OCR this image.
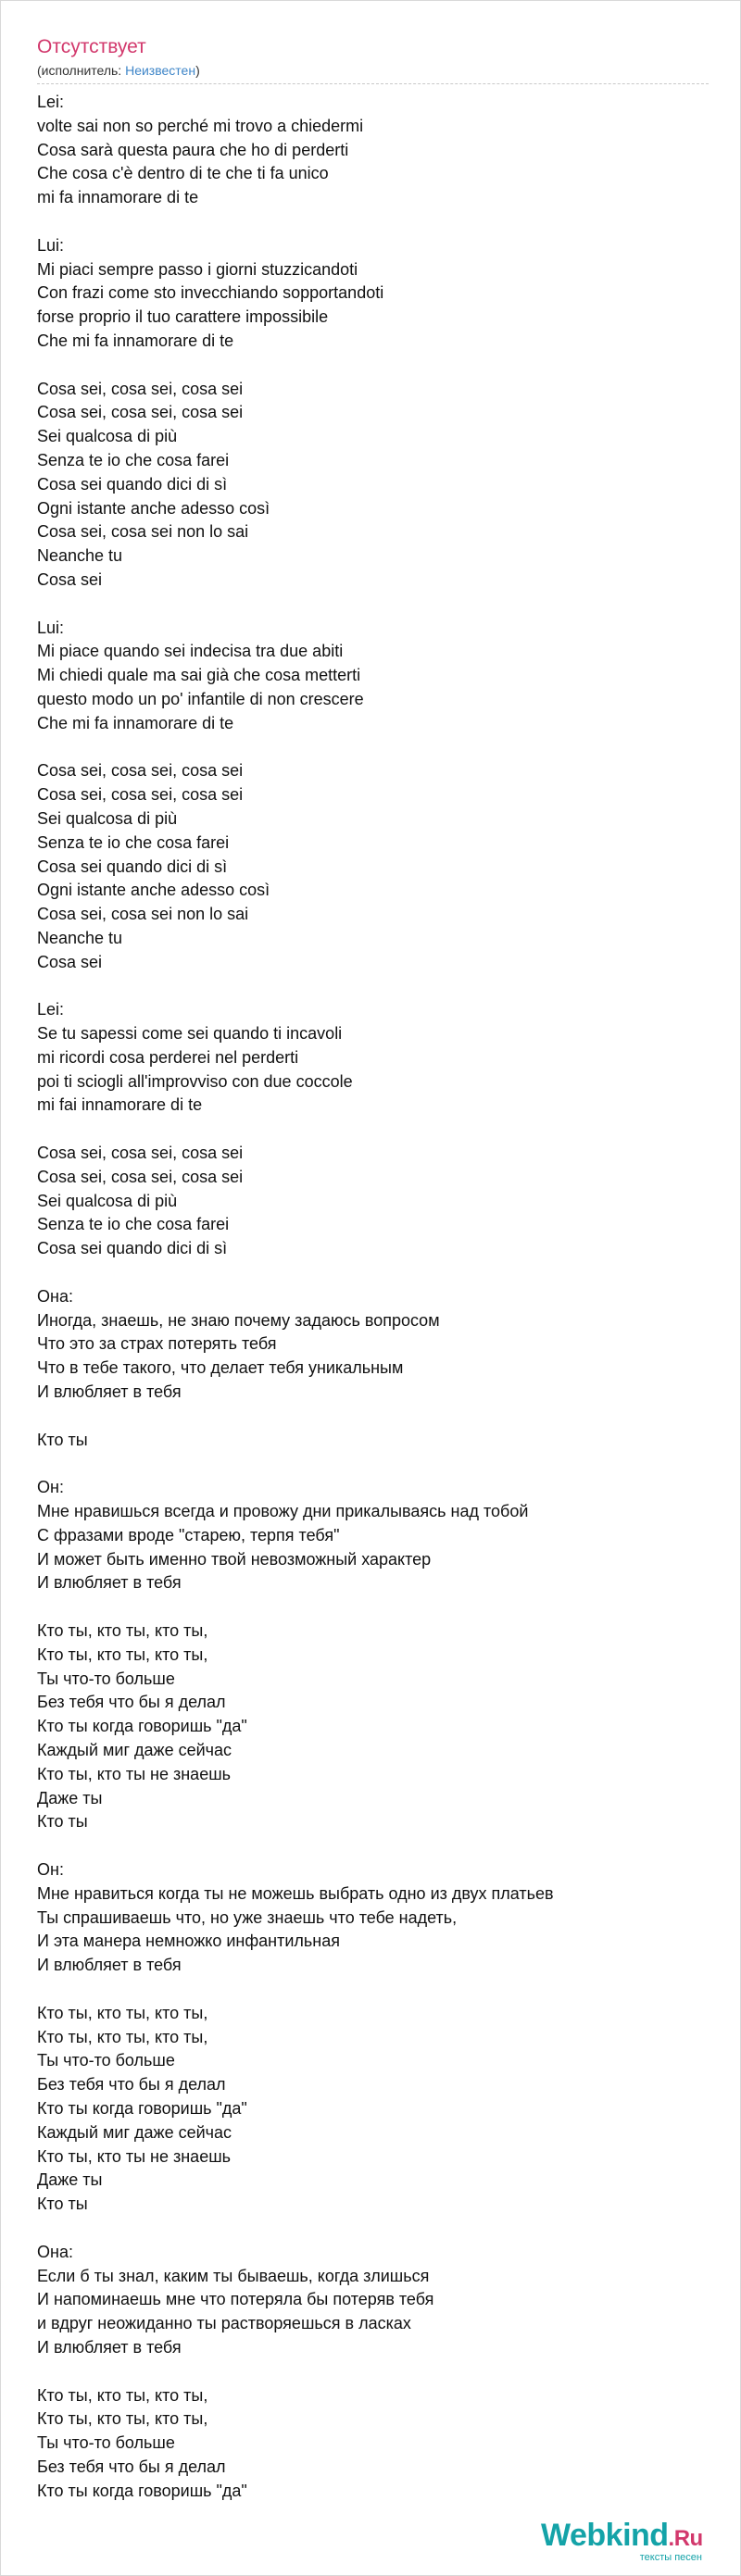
Отсутствует
(исполнитель: Неизвестен)
Lei:
volte sai non so perché mi trovo a chiedermi
Cosa sarà questa paura che ho di perderti
Che cosa c'è dentro di te che ti fa unico
mi fa innamorare di te
Lui:
Mi piaci sempre passo i giorni stuzzicandoti
Con frazi come sto invecchiando sopportandoti
forse proprio il tuo carattere impossibile
Che mi fa innamorare di te
Cosa sei, cosa sei, cosa sei
Cosa sei, cosa sei, cosa sei
Sei qualcosa di più
Senza te io che cosa farei
Cosa sei quando dici di sì
Ogni istante anche adesso così
Cosa sei, cosa sei non lo sai
Neanche tu
Cosa sei
Lui:
Mi piace quando sei indecisa tra due abiti
Mi chiedi quale ma sai già che cosa metterti
questo modo un po' infantile di non crescere
Che mi fa innamorare di te
Cosa sei, cosa sei, cosa sei
Cosa sei, cosa sei, cosa sei
Sei qualcosa di più
Senza te io che cosa farei
Cosa sei quando dici di sì
Ogni istante anche adesso così
Cosa sei, cosa sei non lo sai
Neanche tu
Cosa sei
Lei:
Se tu sapessi come sei quando ti incavoli
mi ricordi cosa perderei nel perderti
poi ti sciogli all'improvviso con due coccole
mi fai innamorare di te
Cosa sei, cosa sei, cosa sei
Cosa sei, cosa sei, cosa sei
Sei qualcosa di più
Senza te io che cosa farei
Cosa sei quando dici di sì
Она:
Иногда, знаешь, не знаю почему задаюсь вопросом
Что это за страх потерять тебя
Что в тебе такого, что делает тебя уникальным
И влюбляет в тебя
Кто ты
Он:
Мне нравишься всегда и провожу дни прикалываясь над тобой
С фразами вроде "старею, терпя тебя"
И может быть именно твой невозможный характер
И влюбляет в тебя
Кто ты, кто ты, кто ты,
Кто ты, кто ты, кто ты,
Ты что-то больше
Без тебя что бы я делал
Кто ты когда говоришь "да"
Каждый миг даже сейчас
Кто ты, кто ты не знаешь
Даже ты
Кто ты
Он:
Мне нравиться когда ты не можешь выбрать одно из двух платьев
Ты спрашиваешь что, но уже знаешь что тебе надеть,
И эта манера немножко инфантильная
И влюбляет в тебя
Кто ты, кто ты, кто ты,
Кто ты, кто ты, кто ты,
Ты что-то больше
Без тебя что бы я делал
Кто ты когда говоришь "да"
Каждый миг даже сейчас
Кто ты, кто ты не знаешь
Даже ты
Кто ты
Она:
Если б ты знал, каким ты бываешь, когда злишься
И напоминаешь мне что потеряла бы потеряв тебя
и вдруг неожиданно ты растворяешься в ласках
И влюбляет в тебя
Кто ты, кто ты, кто ты,
Кто ты, кто ты, кто ты,
Ты что-то больше
Без тебя что бы я делал
Кто ты когда говоришь "да"
Webkind.Ru
тексты песен
